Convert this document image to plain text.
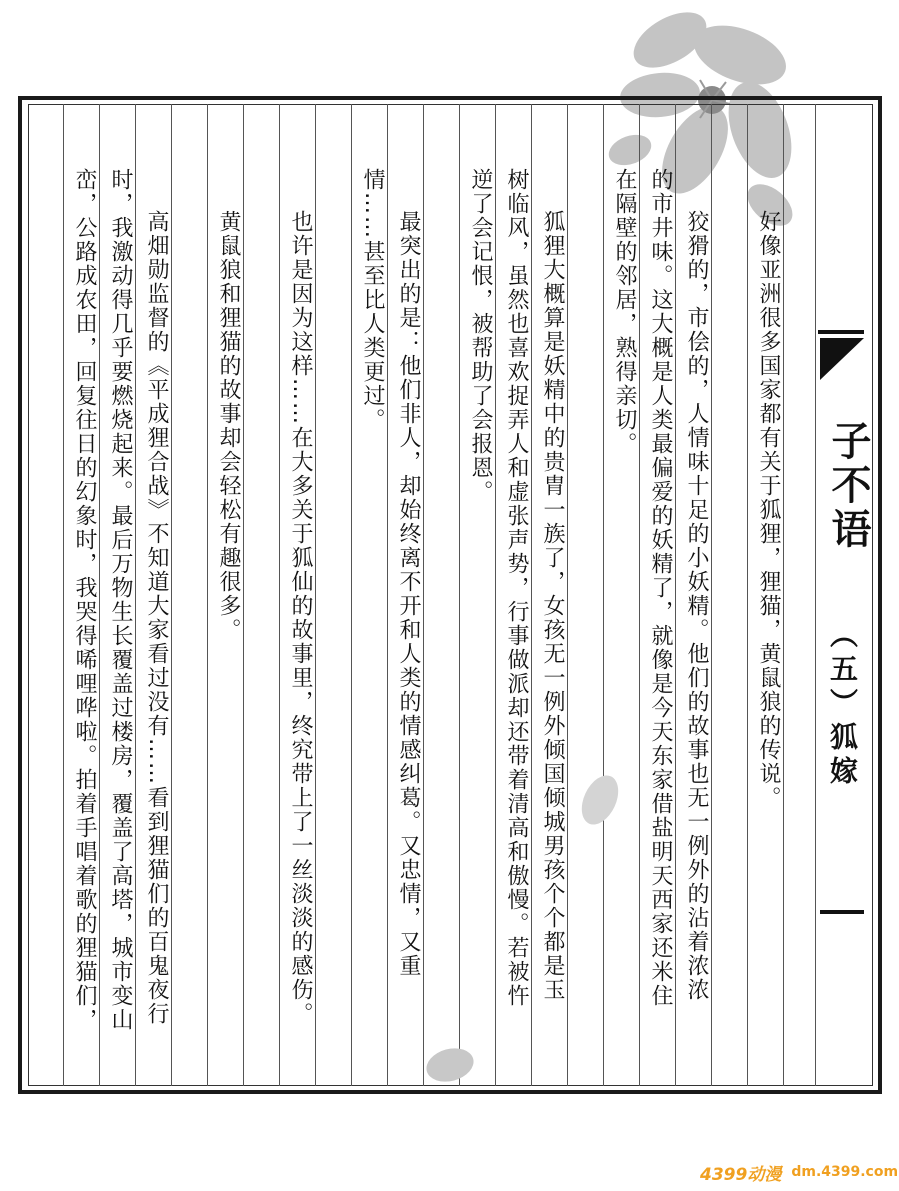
子不语
（五）狐嫁
好像亚洲很多国家都有关于狐狸，狸猫，黄鼠狼的传说。
狡猾的，市侩的，人情味十足的小妖精。他们的故事也无一例外的沾着浓浓
的市井味。这大概是人类最偏爱的妖精了，就像是今天东家借盐明天西家还米住
在隔壁的邻居，熟得亲切。
狐狸大概算是妖精中的贵胄一族了，女孩无一例外倾国倾城男孩个个都是玉
树临风，虽然也喜欢捉弄人和虚张声势，行事做派却还带着清高和傲慢。若被忤
逆了会记恨，被帮助了会报恩。
最突出的是：他们非人，却始终离不开和人类的情感纠葛。又忠情，又重
情……甚至比人类更过。
也许是因为这样……在大多关于狐仙的故事里，终究带上了一丝淡淡的感伤。
黄鼠狼和狸猫的故事却会轻松有趣很多。
高畑勋监督的《平成狸合战》不知道大家看过没有……看到狸猫们的百鬼夜行
时，我激动得几乎要燃烧起来。最后万物生长覆盖过楼房，覆盖了高塔，城市变山
峦，公路成农田，回复往日的幻象时，我哭得唏哩哗啦。拍着手唱着歌的狸猫们，
4399动漫 dm.4399.com
